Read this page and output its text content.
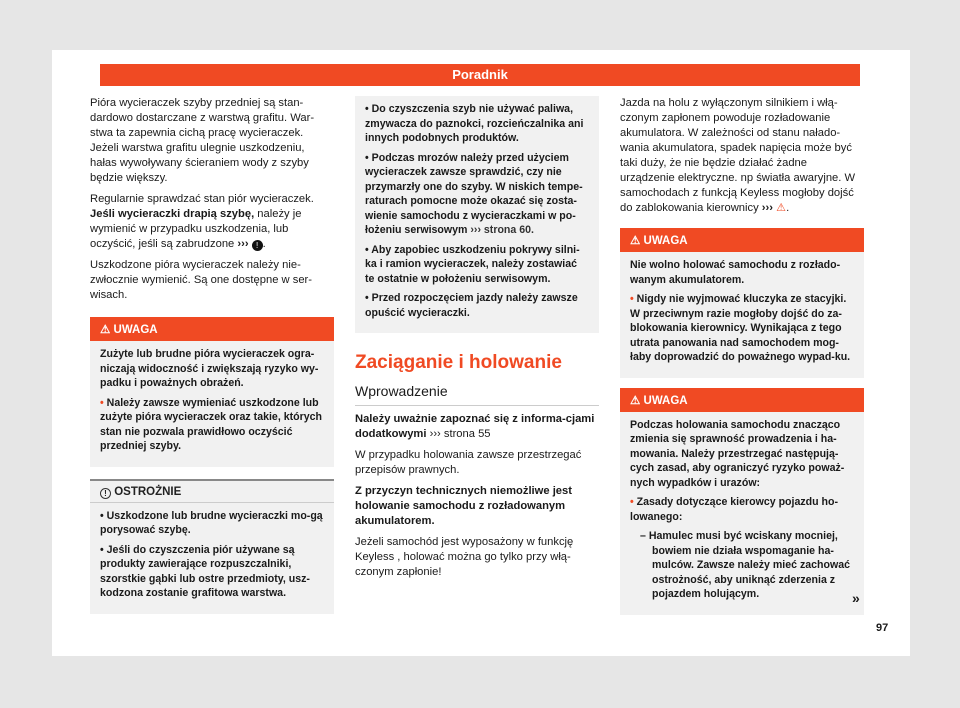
Poradnik

Pióra wycieraczek szyby przedniej są stan-dardowo dostarczane z warstwą grafitu. War-stwa ta zapewnia cichą pracę wycieraczek. Jeżeli warstwa grafitu ulegnie uszkodzeniu, hałas wywoływany ścieraniem wody z szyby będzie większy.

Regularnie sprawdzać stan piór wycieraczek. Jeśli wycieraczki drapią szybę, należy je wymienić w przypadku uszkodzenia, lub oczyścić, jeśli są zabrudzone ››› ! .

Uszkodzone pióra wycieraczek należy nie-zwłocznie wymienić. Są one dostępne w ser-wisach.

⚠ UWAGA

Zużyte lub brudne pióra wycieraczek ogra-niczają widoczność i zwiększają ryzyko wy-padku i poważnych obrażeń.

• Należy zawsze wymieniać uszkodzone lub zużyte pióra wycieraczek oraz takie, których stan nie pozwala prawidłowo oczyścić przedniej szyby.

! OSTROŻNIE

• Uszkodzone lub brudne wycieraczki mo-gą porysować szybę.

• Jeśli do czyszczenia piór używane są produkty zawierające rozpuszczalniki, szorstkie gąbki lub ostre przedmioty, usz-kodzona zostanie grafitowa warstwa.

• Do czyszczenia szyb nie używać paliwa, zmywacza do paznokci, rozcieńczalnika ani innych podobnych produktów.

• Podczas mrozów należy przed użyciem wycieraczek zawsze sprawdzić, czy nie przymarzły one do szyby. W niskich tempe-raturach pomocne może okazać się zosta-wienie samochodu z wycieraczkami w po-łożeniu serwisowym ››› strona 60.

• Aby zapobiec uszkodzeniu pokrywy silni-ka i ramion wycieraczek, należy zostawiać te ostatnie w położeniu serwisowym.

• Przed rozpoczęciem jazdy należy zawsze opuścić wycieraczki.

Zaciąganie i holowanie
Wprowadzenie

Należy uważnie zapoznać się z informa-cjami dodatkowymi ››› strona 55

W przypadku holowania zawsze przestrzegać przepisów prawnych.

Z przyczyn technicznych niemożliwe jest holowanie samochodu z rozładowanym akumulatorem.

Jeżeli samochód jest wyposażony w funkcję Keyless , holować można go tylko przy włą-czonym zapłonie!

Jazda na holu z wyłączonym silnikiem i włą-czonym zapłonem powoduje rozładowanie akumulatora. W zależności od stanu nałado-wania akumulatora, spadek napięcia może być taki duży, że nie będzie działać żadne urządzenie elektryczne. np światła awaryjne. W samochodach z funkcją Keyless mogłoby dojść do zablokowania kierownicy ››› ⚠.

⚠ UWAGA

Nie wolno holować samochodu z rozłado-wanym akumulatorem.

• Nigdy nie wyjmować kluczyka ze stacyjki. W przeciwnym razie mogłoby dojść do za-blokowania kierownicy. Wynikająca z tego utrata panowania nad samochodem mog-łaby doprowadzić do poważnego wypad-ku.

⚠ UWAGA

Podczas holowania samochodu znacząco zmienia się sprawność prowadzenia i ha-mowania. Należy przestrzegać następują-cych zasad, aby ograniczyć ryzyko poważ-nych wypadków i urazów:

• Zasady dotyczące kierowcy pojazdu ho-lowanego:

– Hamulec musi być wciskany mocniej, bowiem nie działa wspomaganie ha-mulców. Zawsze należy mieć zachować ostrożność, aby uniknąć zderzenia z pojazdem holującym.	»
97
